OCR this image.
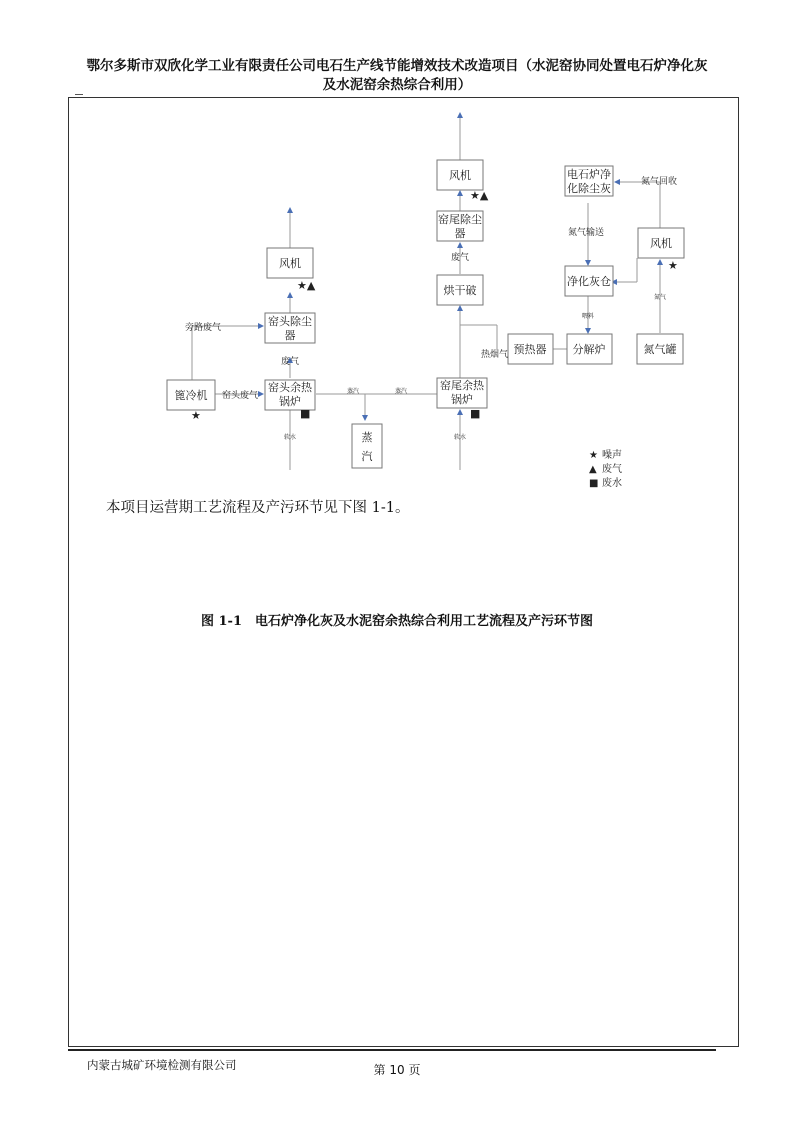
鄂尔多斯市双欣化学工业有限责任公司电石生产线节能增效技术改造项目（水泥窑协同处置电石炉净化灰
及水泥窑余热综合利用）
风机
窑头除尘
器
篦冷机
窑头余热
锅炉
蒸
汽
风机
窑尾除尘
器
烘干破
窑尾余热
锅炉
预热器 分解炉
电石炉净
化除尘灰
净化灰仓
风机
氮气罐
旁路废气
窑头废气
废气
废气
热烟气
氮气输送
氮气回收
蒸汽	蒸汽
软水	软水
喂料
氮气
★▲
★▲
★
★	■	■
★ 噪声
▲ 废气
■ 废水
本项目运营期工艺流程及产污环节见下图 1-1。
图 1-1　电石炉净化灰及水泥窑余热综合利用工艺流程及产污环节图
内蒙古城矿环境检测有限公司	第 10 页
